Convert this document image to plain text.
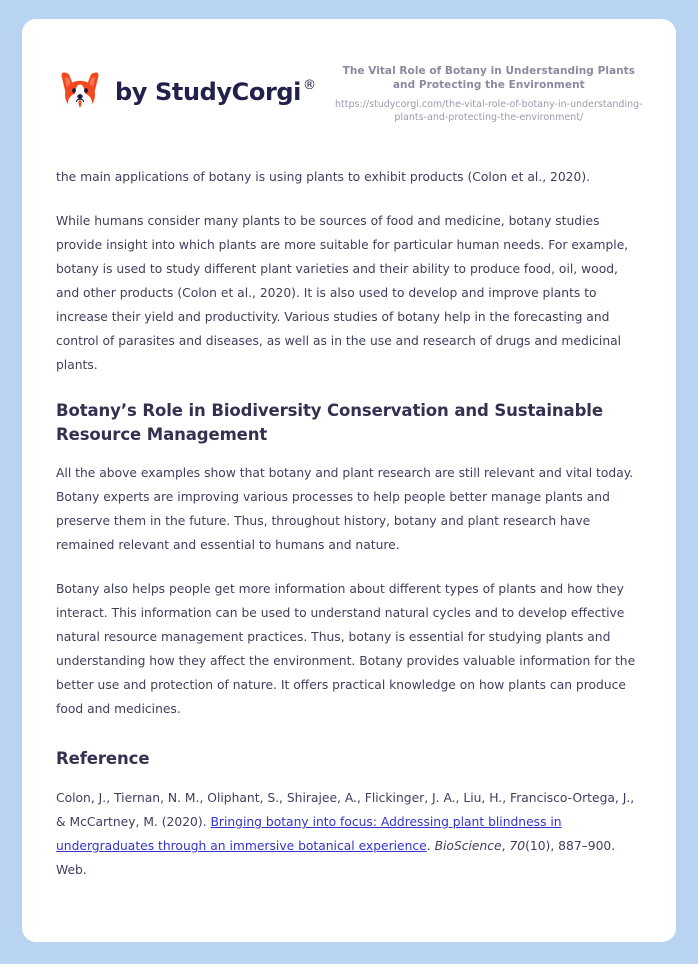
by StudyCorgi ®
The Vital Role of Botany in Understanding Plants and Protecting the Environment
https://studycorgi.com/the-vital-role-of-botany-in-understanding-plants-and-protecting-the-environment/

the main applications of botany is using plants to exhibit products (Colon et al., 2020).

While humans consider many plants to be sources of food and medicine, botany studies provide insight into which plants are more suitable for particular human needs. For example, botany is used to study different plant varieties and their ability to produce food, oil, wood, and other products (Colon et al., 2020). It is also used to develop and improve plants to increase their yield and productivity. Various studies of botany help in the forecasting and control of parasites and diseases, as well as in the use and research of drugs and medicinal plants.

Botany’s Role in Biodiversity Conservation and Sustainable Resource Management

All the above examples show that botany and plant research are still relevant and vital today. Botany experts are improving various processes to help people better manage plants and preserve them in the future. Thus, throughout history, botany and plant research have remained relevant and essential to humans and nature.

Botany also helps people get more information about different types of plants and how they interact. This information can be used to understand natural cycles and to develop effective natural resource management practices. Thus, botany is essential for studying plants and understanding how they affect the environment. Botany provides valuable information for the better use and protection of nature. It offers practical knowledge on how plants can produce food and medicines.

Reference

Colon, J., Tiernan, N. M., Oliphant, S., Shirajee, A., Flickinger, J. A., Liu, H., Francisco-Ortega, J., & McCartney, M. (2020). Bringing botany into focus: Addressing plant blindness in undergraduates through an immersive botanical experience. BioScience, 70(10), 887–900. Web.
